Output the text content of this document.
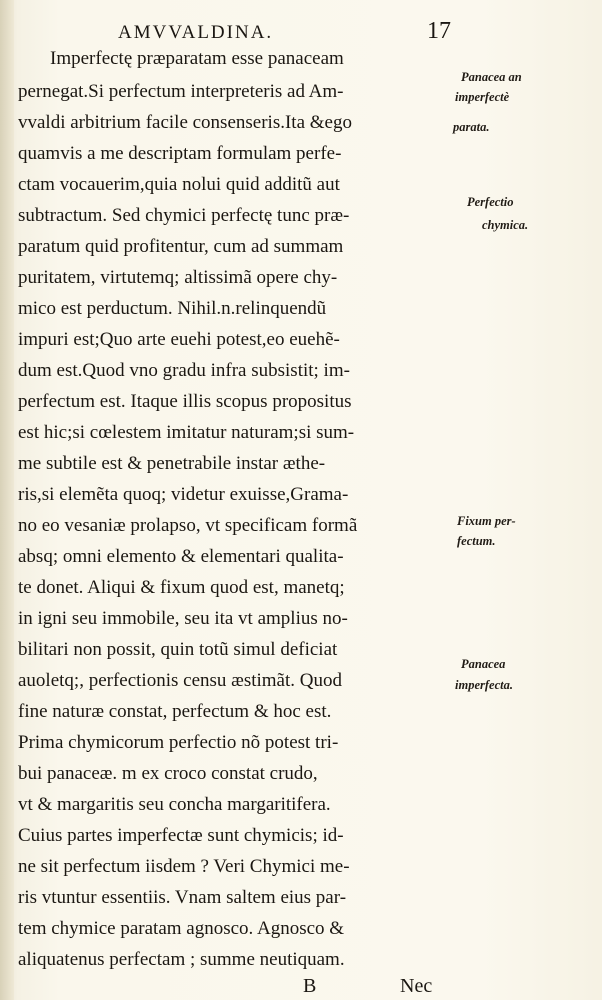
AMVVALDINA.	17
Imperfectę præparatam esse panaceam
pernegat.Si perfectum interpreteris ad Am-
vvaldi arbitrium facile consenseris.Ita &ego
quamvis a me descriptam formulam perfe-
ctam vocauerim,quia nolui quid additũ aut
subtractum. Sed chymici perfectę tunc præ-
paratum quid profitentur, cum ad summam
puritatem, virtutemq; altissimã opere chy-
mico est perductum. Nihil.n.relinquendũ
impuri est;Quo arte euehi potest,eo euehẽ-
dum est.Quod vno gradu infra subsistit; im-
perfectum est. Itaque illis scopus propositus
est hic;si cœlestem imitatur naturam;si sum-
me subtile est & penetrabile instar æthe-
ris,si elemẽta quoq; videtur exuisse,Grama-
no eo vesaniæ prolapso, vt specificam formã
absq; omni elemento & elementari qualita-
te donet. Aliqui & fixum quod est, manetq;
in igni seu immobile, seu ita vt amplius no-
bilitari non possit, quin totũ simul deficiat
auoletq;, perfectionis censu æstimãt. Quod
fine naturæ constat, perfectum & hoc est.
Prima chymicorum perfectio nõ potest tri-
bui panaceæ. m ex croco constat crudo,
vt & margaritis seu concha margaritifera.
Cuius partes imperfectæ sunt chymicis; id-
ne sit perfectum iisdem ? Veri Chymici me-
ris vtuntur essentiis. Vnam saltem eius par-
tem chymice paratam agnosco. Agnosco &
aliquatenus perfectam ; summe neutiquam.
B	Nec
Panacea an
imperfectè
parata.
Perfectio
chymica.
Fixum per-
fectum.
Panacea
imperfecta.
